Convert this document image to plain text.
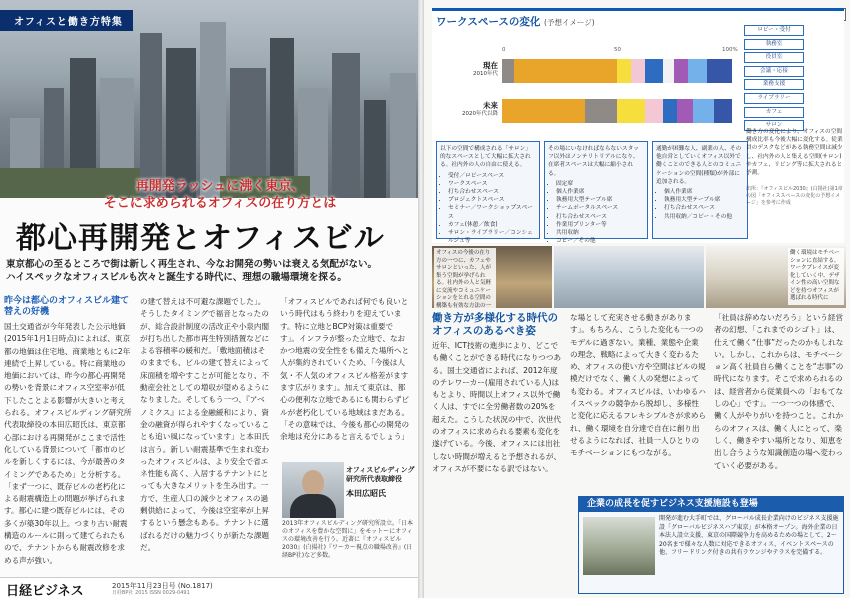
オフィスと働き方特集
再開発ラッシュに沸く東京、
そこに求められるオフィスの在り方とは
都心再開発とオフィスビル
東京都心の至るところで街は新しく再生され、今なお開発の勢いは衰える気配がない。
ハイスペックなオフィスビルも次々と誕生する時代に、理想の職場環境を探る。
昨今は都心のオフィスビル建て替えの好機
国土交通省が今年発表した公示地価(2015年1月1日時点)によれば、東京都の地価は住宅地、商業地ともに2年連続で上昇している。特に商業地の地価においては、昨今の都心再開発の勢いを背景にオフィス空室率が低下したことよる影響が大きいと考えられる。オフィスビルディング研究所代表取締役の本田広昭氏は、東京都心部における再開発がここまで活性化している背景について「都市のビルを新しくするには、今が最善のタイミングであるため」と分析する。「まず一つに、既存ビルの老朽化による耐震構造上の問題が挙げられます。都心に建つ既存ビルには、その多くが築30年以上。つまり古い耐震構造のルールに則って建てられたもので、テナントからも耐震改修を求める声が強い。
の建て替えは不可避な課題でした」。そうしたタイミングで福音となったのが、総合設計制度の活改正や小泉内閣が打ち出した都市再生特別措置などによる容積率の緩和だ。「敷地面積はそのままでも、ビルの建て替えによって床面積を増やすことが可能となり、不動産会社としての増収が望めるようになりました。そしてもう一つ、『アベノミクス』による金融緩和により、資金の融資が得られやすくなっていることも追い風になっています」と本田氏は言う。新しい耐震基準で生まれ変わったオフィスビルは、より安全で省エネ性能も高く、入居するテナントにとっても大きなメリットを生み出す。一方で、生産人口の減少とオフィスの過剰供給によって、今後は空室率が上昇するという懸念もある。テナントに選ばれるだけの魅力づくりが新たな課題だ。
「オフィスビルであれば何でも良いという時代はもう終わりを迎えています。特に立地とBCP対策は重要です」。インフラが整った立地で、なおかつ地震の安全性をも備えた場所へと人が集約されていくため、「今後は人気・不人気のオフィスビル格差がますます広がります」。加えて東京は、都心の便利な立地であるにも関わらずビルが老朽化している地域はまだある。「その意味では、今後も都心の開発の余地は充分にあると言えるでしょう」
オフィスビルディング研究所代表取締役
本田広昭氏
2013年オフィスビルディング研究所設立。「日本のオフィスを豊かな空間に」をモットーにオフィスの環境改善を行う。近著に『オフィスビル2030』(白揚社)『ワーカー視点の職場改善』(日経BP社)など多数。
日経ビジネス	2015年11月23日号 (No.1817)
日経BP社 2015 ISSN 0029-0491
ワークスペースの変化 (予想イメージ)
0	50	100%
現在
2010年代
未来
2020年代以降
ロビー・受付
執務室
役員室
会議・応接
業務支援
ライブラリー
カフェ
サロン
以下の空間で構成される「サロン」的なスペースとして大幅に拡大される。社内外の人の自由に使える。
• 受付／ロビースペース
• ワークスペース
• 打ち合わせスペース
• プロジェクトスペース
• セミナー／ワークショップスペース
• カフェ(休憩／飲食)
• サロン・ライブラリー／コンシェルジュ等
その場にいなければならないスタッフ以外はノンテリトリアルになり、在席者スペースは大幅に縮小される。
• 固定席
• 個人作業席
• 執務用大型テーブル席
• チームポータルスペース
• 打ち合わせスペース
• 作業用プリンター等
• 共用収納
• コピー／その他
通勤が困難な人、副業の人、その他自営としていくオフィス以外で働くことのできる人とのコミュニケーションの空間(種類)が外部に追加される。
• 個人作業席
• 執務用大型テーブル席
• 打ち合わせスペース
• 共用収納／コピー・その他
働き方の変化により、オフィスの空間構成比率も今後大幅に変化する。従業員のデスクなどがある執務空間は減少し、社内外の人と集える空間(サロン)やカフェ、リビング等に拡大されると予測。
出所：『オフィスビル2030』(白揚社)第1章の図「オフィススペースの変化の予想イメージ」を参考に作成
オフィスの今後の在り方の一つに、カフェやサロンといった、人が集う空間が挙げられる。社内外の人と気軽に交流やコミュニケーションをとれる空間の構築も有効な方法の一
働く環境はモチベーションに直結する。ワークプレイスが変化していく中、デザイン性の高い空間などを持つオフィスが選ばれる時代に
働き方が多様化する時代の
オフィスのあるべき姿
近年、ICT技術の進歩により、どこでも働くことができる時代になりつつある。国土交通省によれば、2012年度のテレワーカー(雇用されている人)はもとより、時間以上オフィス以外で働く人は、すでに全労働者数の20%を超えた。こうした状況の中で、次世代のオフィスに求められる要素も変化を遂げている。今後、オフィスには出社しない時間が増えると予想されるが、オフィスが不要になる訳ではない。
な場として充実させる動きがあります」。もちろん、こうした変化も一つのモデルに過ぎない。業種、業態や企業の理念、戦略によって大きく変わるため、オフィスの使い方や空間はビルの規模だけでなく、働く人の発想によっても変わる。オフィスビルは、いわゆるハイスペックの競争から脱却し、多様性と変化に応えるフレキシブルさが求められ、働く環境を自分達で自在に創り出せるようになれば、社員一人ひとりのモチベーションにもつながる。
「社員は辞めないだろう」という経営者の幻想、「これまでのシゴト」は、仕えて働く“仕事”だったのかもしれない。しかし、これからは、モチベーション高く社員自ら働くことを“志事”の時代になります。そこで求められるのは、経営者から従業員への「おもてなしの心」です」。一つ一つの体感で、働く人がやりがいを持つこと。これからのオフィスは、働く人にとって、楽しく、働きやすい場所となり、知恵を出し合うような知識創造の場へ変わっていく必要がある。
企業の成長を促すビジネス支援施設も登場
開発が進む大手町では、グローバル成長企業向けのビジネス支援施設「グローバルビジネスハブ東京」が本格オープン。海外企業の日本法人設立支援、東京の国際競争力を高めるための場として、2〜20名まで様々な人数に対応できるオフィス、イベントスペースの他、フリードリンク付きの共有ラウンジやテラスを完備する。
